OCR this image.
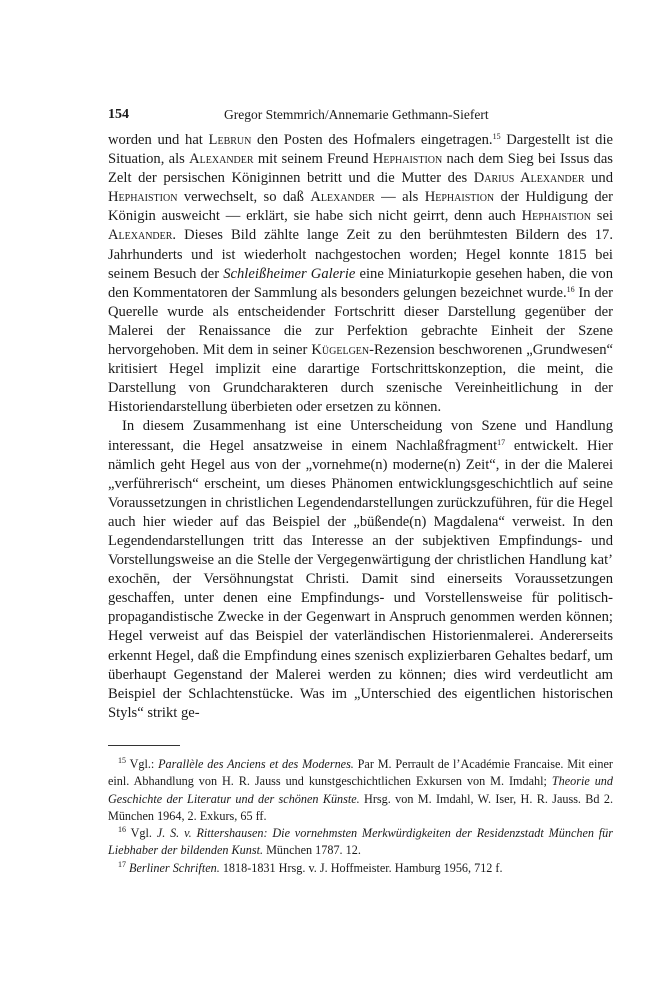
154	Gregor Stemmrich/Annemarie Gethmann-Siefert

worden und hat Lebrun den Posten des Hofmalers eingetragen.$^{15}$ Dargestellt ist die Situation, als Alexander mit seinem Freund Hephaistion nach dem Sieg bei Issus das Zelt der persischen Königinnen betritt und die Mutter des Darius Alexander und Hephaistion verwechselt, so daß Alexander — als Hephaistion der Huldigung der Königin ausweicht — erklärt, sie habe sich nicht geirrt, denn auch Hephaistion sei Alexander. Dieses Bild zählte lange Zeit zu den berühmtesten Bildern des 17. Jahrhunderts und ist wiederholt nachgestochen worden; Hegel konnte 1815 bei seinem Besuch der Schleißheimer Galerie eine Miniaturkopie gesehen haben, die von den Kommentatoren der Sammlung als besonders gelungen bezeichnet wurde.$^{16}$ In der Querelle wurde als entscheidender Fortschritt dieser Darstellung gegenüber der Malerei der Renaissance die zur Perfektion gebrachte Einheit der Szene hervorgehoben. Mit dem in seiner Kügelgen-Rezension beschworenen „Grundwesen“ kritisiert Hegel implizit eine darartige Fortschrittskonzeption, die meint, die Darstellung von Grundcharakteren durch szenische Vereinheitlichung in der Historiendarstellung überbieten oder ersetzen zu können.

In diesem Zusammenhang ist eine Unterscheidung von Szene und Handlung interessant, die Hegel ansatzweise in einem Nachlaßfragment$^{17}$ entwickelt. Hier nämlich geht Hegel aus von der „vornehme(n) moderne(n) Zeit“, in der die Malerei „verführerisch“ erscheint, um dieses Phänomen entwicklungsgeschichtlich auf seine Voraussetzungen in christlichen Legendendarstellungen zurückzuführen, für die Hegel auch hier wieder auf das Beispiel der „büßende(n) Magdalena“ verweist. In den Legendendarstellungen tritt das Interesse an der subjektiven Empfindungs- und Vorstellungsweise an die Stelle der Vergegenwärtigung der christlichen Handlung kat’ exochēn, der Versöhnungstat Christi. Damit sind einerseits Voraussetzungen geschaffen, unter denen eine Empfindungs- und Vorstellensweise für politisch-propagandistische Zwecke in der Gegenwart in Anspruch genommen werden können; Hegel verweist auf das Beispiel der vaterländischen Historienmalerei. Andererseits erkennt Hegel, daß die Empfindung eines szenisch explizierbaren Gehaltes bedarf, um überhaupt Gegenstand der Malerei werden zu können; dies wird verdeutlicht am Beispiel der Schlachtenstücke. Was im „Unterschied des eigentlichen historischen Styls“ strikt ge-

$^{15}$ Vgl.: Parallèle des Anciens et des Modernes. Par M. Perrault de l’Académie Francaise. Mit einer einl. Abhandlung von H. R. Jauss und kunstgeschichtlichen Exkursen von M. Imdahl; Theorie und Geschichte der Literatur und der schönen Künste. Hrsg. von M. Imdahl, W. Iser, H. R. Jauss. Bd 2. München 1964, 2. Exkurs, 65 ff.

$^{16}$ Vgl. J. S. v. Rittershausen: Die vornehmsten Merkwürdigkeiten der Residenzstadt München für Liebhaber der bildenden Kunst. München 1787. 12.

$^{17}$ Berliner Schriften. 1818-1831 Hrsg. v. J. Hoffmeister. Hamburg 1956, 712 f.
